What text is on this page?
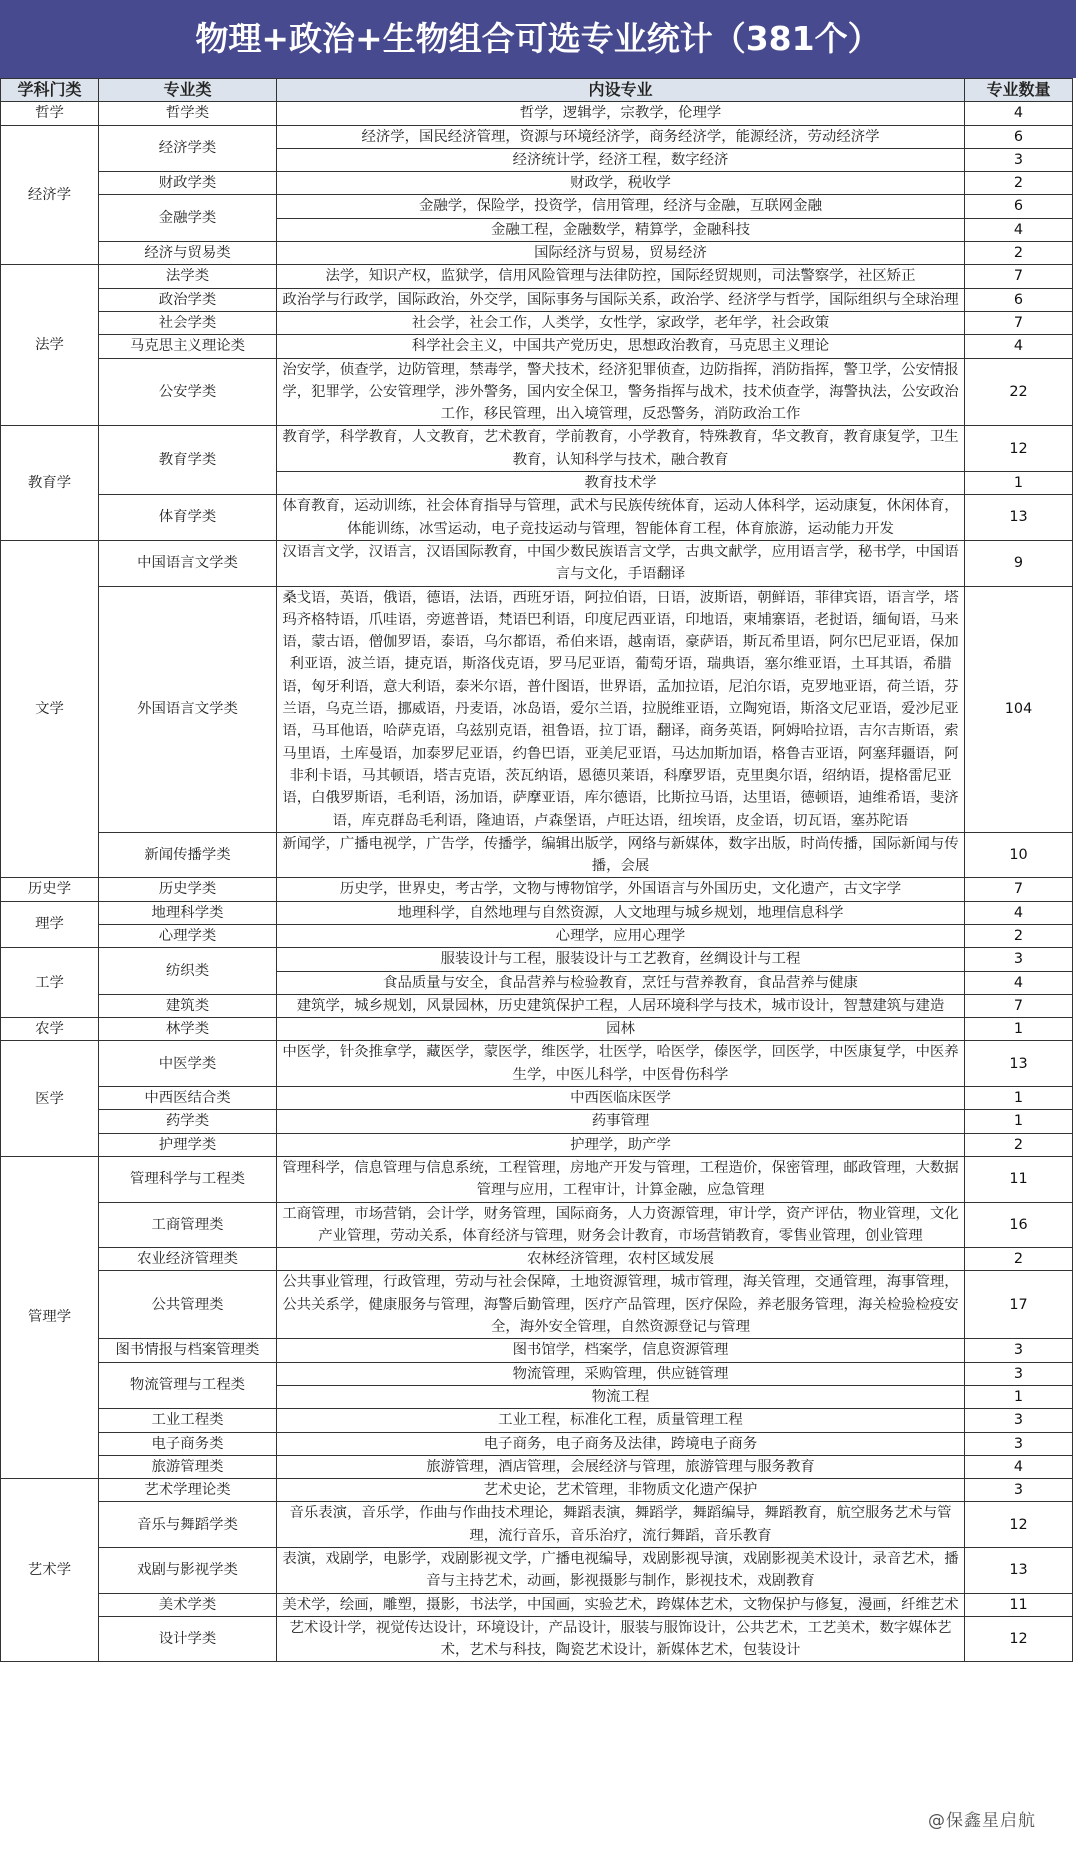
物理+政治+生物组合可选专业统计（381个）
学科门类	专业类	内设专业	专业数量
哲学	哲学类	哲学，逻辑学，宗教学，伦理学	4
经济学	经济学类	经济学，国民经济管理，资源与环境经济学，商务经济学，能源经济，劳动经济学	6
		经济统计学，经济工程，数字经济	3
	财政学类	财政学，税收学	2
	金融学类	金融学，保险学，投资学，信用管理，经济与金融，互联网金融	6
		金融工程，金融数学，精算学，金融科技	4
	经济与贸易类	国际经济与贸易，贸易经济	2
法学	法学类	法学，知识产权，监狱学，信用风险管理与法律防控，国际经贸规则，司法警察学，社区矫正	7
	政治学类	政治学与行政学，国际政治，外交学，国际事务与国际关系，政治学、经济学与哲学，国际组织与全球治理	6
	社会学类	社会学，社会工作，人类学，女性学，家政学，老年学，社会政策	7
	马克思主义理论类	科学社会主义，中国共产党历史，思想政治教育，马克思主义理论	4
	公安学类	治安学，侦查学，边防管理，禁毒学，警犬技术，经济犯罪侦查，边防指挥，消防指挥，警卫学，公安情报学，犯罪学，公安管理学，涉外警务，国内安全保卫，警务指挥与战术，技术侦查学，海警执法，公安政治工作，移民管理，出入境管理，反恐警务，消防政治工作	22
教育学	教育学类	教育学，科学教育，人文教育，艺术教育，学前教育，小学教育，特殊教育，华文教育，教育康复学，卫生教育，认知科学与技术，融合教育	12
		教育技术学	1
	体育学类	体育教育，运动训练，社会体育指导与管理，武术与民族传统体育，运动人体科学，运动康复，休闲体育，体能训练，冰雪运动，电子竞技运动与管理，智能体育工程，体育旅游，运动能力开发	13
文学	中国语言文学类	汉语言文学，汉语言，汉语国际教育，中国少数民族语言文学，古典文献学，应用语言学，秘书学，中国语言与文化，手语翻译	9
	外国语言文学类	桑戈语，英语，俄语，德语，法语，西班牙语，阿拉伯语，日语，波斯语，朝鲜语，菲律宾语，语言学，塔玛齐格特语，爪哇语，旁遮普语，梵语巴利语，印度尼西亚语，印地语，柬埔寨语，老挝语，缅甸语，马来语，蒙古语，僧伽罗语，泰语，乌尔都语，希伯来语，越南语，豪萨语，斯瓦希里语，阿尔巴尼亚语，保加利亚语，波兰语，捷克语，斯洛伐克语，罗马尼亚语，葡萄牙语，瑞典语，塞尔维亚语，土耳其语，希腊语，匈牙利语，意大利语，泰米尔语，普什图语，世界语，孟加拉语，尼泊尔语，克罗地亚语，荷兰语，芬兰语，乌克兰语，挪威语，丹麦语，冰岛语，爱尔兰语，拉脱维亚语，立陶宛语，斯洛文尼亚语，爱沙尼亚语，马耳他语，哈萨克语，乌兹别克语，祖鲁语，拉丁语，翻译，商务英语，阿姆哈拉语，吉尔吉斯语，索马里语，土库曼语，加泰罗尼亚语，约鲁巴语，亚美尼亚语，马达加斯加语，格鲁吉亚语，阿塞拜疆语，阿非利卡语，马其顿语，塔吉克语，茨瓦纳语，恩德贝莱语，科摩罗语，克里奥尔语，绍纳语，提格雷尼亚语，白俄罗斯语，毛利语，汤加语，萨摩亚语，库尔德语，比斯拉马语，达里语，德顿语，迪维希语，斐济语，库克群岛毛利语，隆迪语，卢森堡语，卢旺达语，纽埃语，皮金语，切瓦语，塞苏陀语	104
	新闻传播学类	新闻学，广播电视学，广告学，传播学，编辑出版学，网络与新媒体，数字出版，时尚传播，国际新闻与传播，会展	10
历史学	历史学类	历史学，世界史，考古学，文物与博物馆学，外国语言与外国历史，文化遗产，古文字学	7
理学	地理科学类	地理科学，自然地理与自然资源，人文地理与城乡规划，地理信息科学	4
	心理学类	心理学，应用心理学	2
工学	纺织类	服装设计与工程，服装设计与工艺教育，丝绸设计与工程	3
		食品质量与安全，食品营养与检验教育，烹饪与营养教育，食品营养与健康	4
	建筑类	建筑学，城乡规划，风景园林，历史建筑保护工程，人居环境科学与技术，城市设计，智慧建筑与建造	7
农学	林学类	园林	1
医学	中医学类	中医学，针灸推拿学，藏医学，蒙医学，维医学，壮医学，哈医学，傣医学，回医学，中医康复学，中医养生学，中医儿科学，中医骨伤科学	13
	中西医结合类	中西医临床医学	1
	药学类	药事管理	1
	护理学类	护理学，助产学	2
管理学	管理科学与工程类	管理科学，信息管理与信息系统，工程管理，房地产开发与管理，工程造价，保密管理，邮政管理，大数据管理与应用，工程审计，计算金融，应急管理	11
	工商管理类	工商管理，市场营销，会计学，财务管理，国际商务，人力资源管理，审计学，资产评估，物业管理，文化产业管理，劳动关系，体育经济与管理，财务会计教育，市场营销教育，零售业管理，创业管理	16
	农业经济管理类	农林经济管理，农村区域发展	2
	公共管理类	公共事业管理，行政管理，劳动与社会保障，土地资源管理，城市管理，海关管理，交通管理，海事管理，公共关系学，健康服务与管理，海警后勤管理，医疗产品管理，医疗保险，养老服务管理，海关检验检疫安全，海外安全管理，自然资源登记与管理	17
	图书情报与档案管理类	图书馆学，档案学，信息资源管理	3
	物流管理与工程类	物流管理，采购管理，供应链管理	3
		物流工程	1
	工业工程类	工业工程，标准化工程，质量管理工程	3
	电子商务类	电子商务，电子商务及法律，跨境电子商务	3
	旅游管理类	旅游管理，酒店管理，会展经济与管理，旅游管理与服务教育	4
艺术学	艺术学理论类	艺术史论，艺术管理，非物质文化遗产保护	3
	音乐与舞蹈学类	音乐表演，音乐学，作曲与作曲技术理论，舞蹈表演，舞蹈学，舞蹈编导，舞蹈教育，航空服务艺术与管理，流行音乐，音乐治疗，流行舞蹈，音乐教育	12
	戏剧与影视学类	表演，戏剧学，电影学，戏剧影视文学，广播电视编导，戏剧影视导演，戏剧影视美术设计，录音艺术，播音与主持艺术，动画，影视摄影与制作，影视技术，戏剧教育	13
	美术学类	美术学，绘画，雕塑，摄影，书法学，中国画，实验艺术，跨媒体艺术，文物保护与修复，漫画，纤维艺术	11
	设计学类	艺术设计学，视觉传达设计，环境设计，产品设计，服装与服饰设计，公共艺术，工艺美术，数字媒体艺术，艺术与科技，陶瓷艺术设计，新媒体艺术，包装设计	12
@保鑫星启航
